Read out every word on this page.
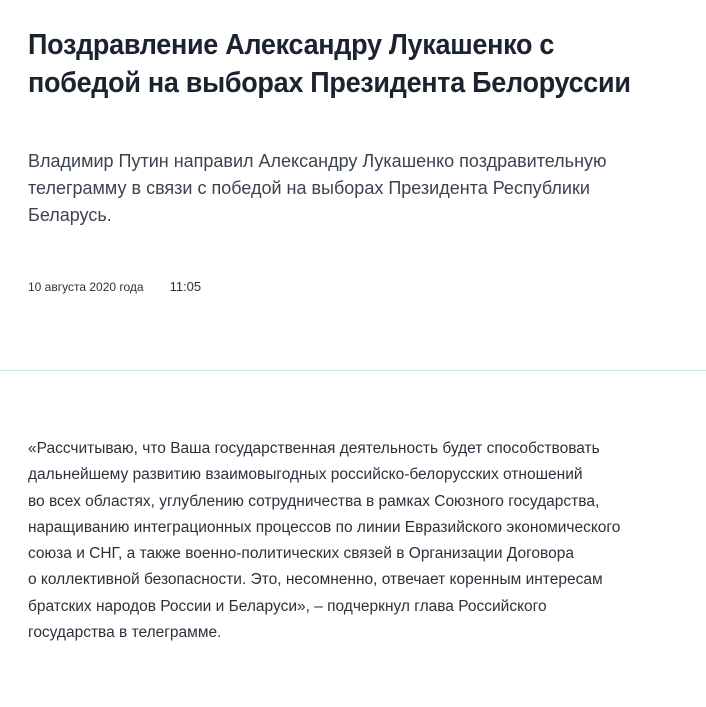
Поздравление Александру Лукашенко с победой на выборах Президента Белоруссии

Владимир Путин направил Александру Лукашенко поздравительную телеграмму в связи с победой на выборах Президента Республики Беларусь.

10 августа 2020 года 11:05

«Рассчитываю, что Ваша государственная деятельность будет способствовать
дальнейшему развитию взаимовыгодных российско-белорусских отношений
во всех областях, углублению сотрудничества в рамках Союзного государства,
наращиванию интеграционных процессов по линии Евразийского экономического
союза и СНГ, а также военно-политических связей в Организации Договора
о коллективной безопасности. Это, несомненно, отвечает коренным интересам
братских народов России и Беларуси», – подчеркнул глава Российского
государства в телеграмме.
